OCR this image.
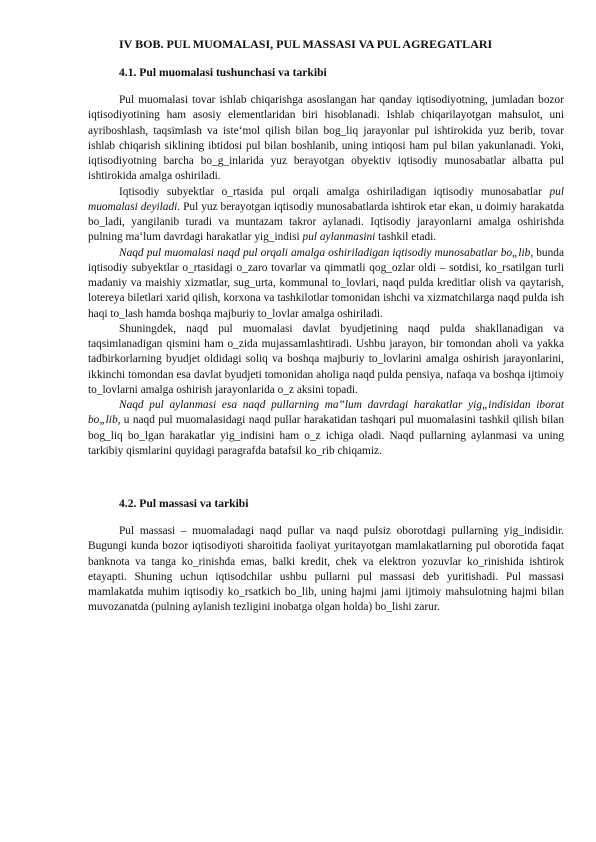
IV BOB. PUL MUOMALASI, PUL MASSASI VA PUL AGREGATLARI
4.1. Pul muomalasi tushunchasi va tarkibi

Pul muomalasi tovar ishlab chiqarishga asoslangan har qanday iqtisodiyotning, jumladan bozor iqtisodiyotining ham asosiy elementlaridan biri hisoblanadi. Ishlab chiqarilayotgan mahsulot, uni ayriboshlash, taqsimlash va iste‘mol qilish bilan bog_liq jarayonlar pul ishtirokida yuz berib, tovar ishlab chiqarish siklining ibtidosi pul bilan boshlanib, uning intiqosi ham pul bilan yakunlanadi. Yoki, iqtisodiyotning barcha bo_g_inlarida yuz berayotgan obyektiv iqtisodiy munosabatlar albatta pul ishtirokida amalga oshiriladi.

Iqtisodiy subyektlar o_rtasida pul orqali amalga oshiriladigan iqtisodiy munosabatlar pul muomalasi deyiladi. Pul yuz berayotgan iqtisodiy munosabatlarda ishtirok etar ekan, u doimiy harakatda bo_ladi, yangilanib turadi va muntazam takror aylanadi. Iqtisodiy jarayonlarni amalga oshirishda pulning ma‘lum davrdagi harakatlar yig_indisi pul aylanmasini tashkil etadi.

Naqd pul muomalasi naqd pul orqali amalga oshiriladigan iqtisodiy munosabatlar bo„lib, bunda iqtisodiy subyektlar o_rtasidagi o_zaro tovarlar va qimmatli qog_ozlar oldi – sotdisi, ko_rsatilgan turli madaniy va maishiy xizmatlar, sug_urta, kommunal to_lovlari, naqd pulda kreditlar olish va qaytarish, lotereya biletlari xarid qilish, korxona va tashkilotlar tomonidan ishchi va xizmatchilarga naqd pulda ish haqi to_lash hamda boshqa majburiy to_lovlar amalga oshiriladi.

Shuningdek, naqd pul muomalasi davlat byudjetining naqd pulda shakllanadigan va taqsimlanadigan qismini ham o_zida mujassamlashtiradi. Ushbu jarayon, bir tomondan aholi va yakka tadbirkorlarning byudjet oldidagi soliq va boshqa majburiy to_lovlarini amalga oshirish jarayonlarini, ikkinchi tomondan esa davlat byudjeti tomonidan aholiga naqd pulda pensiya, nafaqa va boshqa ijtimoiy to_lovlarni amalga oshirish jarayonlarida o_z aksini topadi.

Naqd pul aylanmasi esa naqd pullarning ma‟lum davrdagi harakatlar yig„indisidan iborat bo„lib, u naqd pul muomalasidagi naqd pullar harakatidan tashqari pul muomalasini tashkil qilish bilan bog_liq bo_lgan harakatlar yig_indisini ham o_z ichiga oladi. Naqd pullarning aylanmasi va uning tarkibiy qismlarini quyidagi paragrafda batafsil ko_rib chiqamiz.

4.2. Pul massasi va tarkibi

Pul massasi – muomaladagi naqd pullar va naqd pulsiz oborotdagi pullarning yig_indisidir. Bugungi kunda bozor iqtisodiyoti sharoitida faoliyat yuritayotgan mamlakatlarning pul oborotida faqat banknota va tanga ko_rinishda emas, balki kredit, chek va elektron yozuvlar ko_rinishida ishtirok etayapti. Shuning uchun iqtisodchilar ushbu pullarni pul massasi deb yuritishadi. Pul massasi mamlakatda muhim iqtisodiy ko_rsatkich bo_lib, uning hajmi jami ijtimoiy mahsulotning hajmi bilan muvozanatda (pulning aylanish tezligini inobatga olgan holda) bo_lishi zarur.
